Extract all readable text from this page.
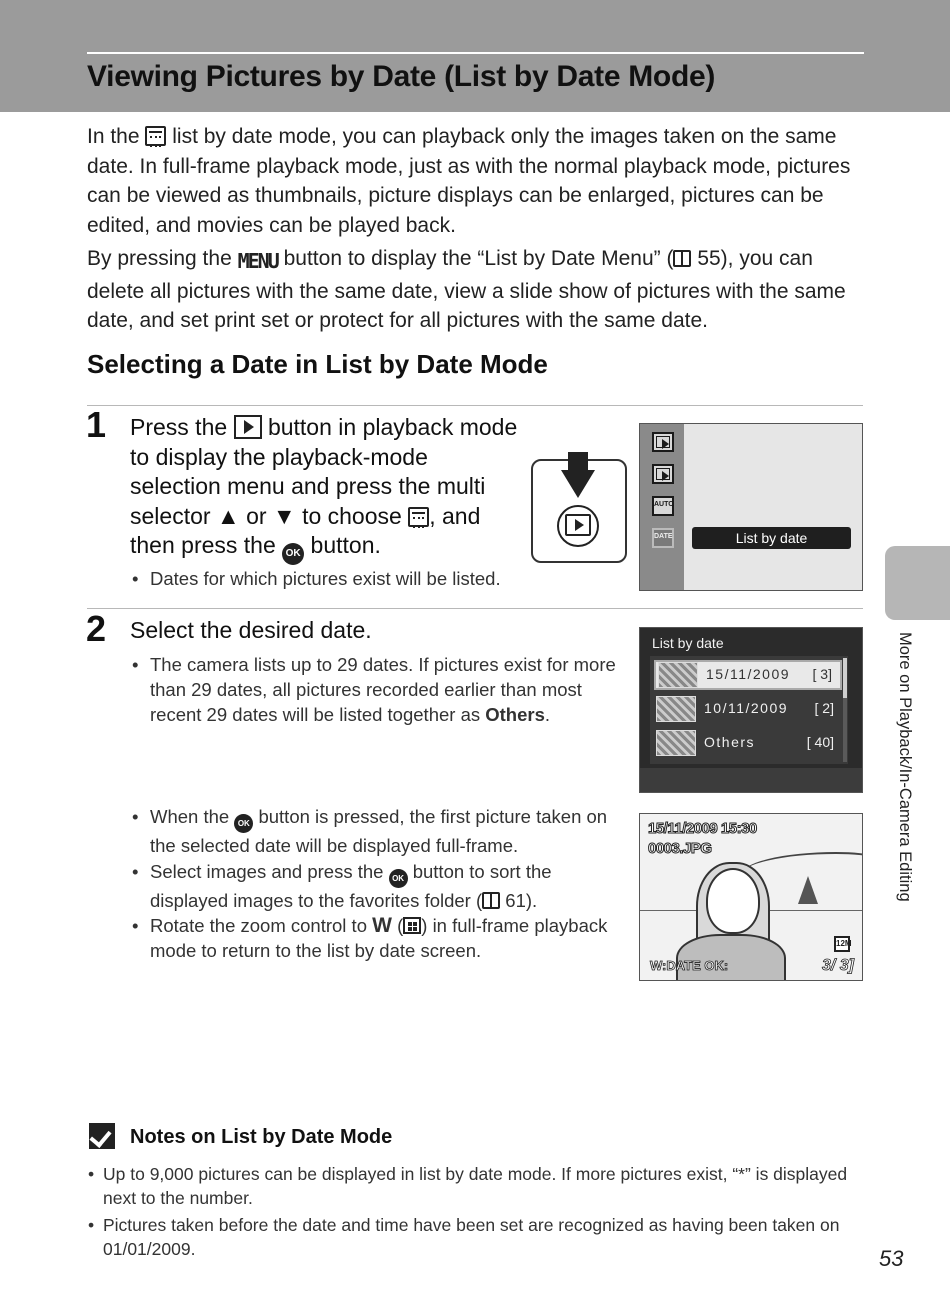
Viewing Pictures by Date (List by Date Mode)

In the list by date mode, you can playback only the images taken on the same date. In full-frame playback mode, just as with the normal playback mode, pictures can be viewed as thumbnails, picture displays can be enlarged, pictures can be edited, and movies can be played back.

By pressing the MENU button to display the “List by Date Menu” ( 55), you can delete all pictures with the same date, view a slide show of pictures with the same date, and set print set or protect for all pictures with the same date.

Selecting a Date in List by Date Mode
1 Press the button in playback mode to display the playback-mode selection menu and press the multi selector ▲ or ▼ to choose , and then press the OK button.

• Dates for which pictures exist will be listed.

AUTO
DATE	List by date
2 Select the desired date.

• The camera lists up to 29 dates. If pictures exist for more than 29 dates, all pictures recorded earlier than most recent 29 dates will be listed together as Others.

List by date
15/11/2009 [ 3]
10/11/2009 [ 2]
Others	[ 40]

• When the OK button is pressed, the first picture taken on the selected date will be displayed full-frame.

• Select images and press the OK button to sort the displayed images to the favorites folder ( 61).

• Rotate the zoom control to W ( ) in full-frame playback mode to return to the list by date screen.

15/11/2009 15:30
0003.JPG
12M
W:DATE OK:	3/ 3]
More on Playback/In-Camera Editing
Notes on List by Date Mode

• Up to 9,000 pictures can be displayed in list by date mode. If more pictures exist, “*” is displayed next to the number.

• Pictures taken before the date and time have been set are recognized as having been taken on 01/01/2009.	53
